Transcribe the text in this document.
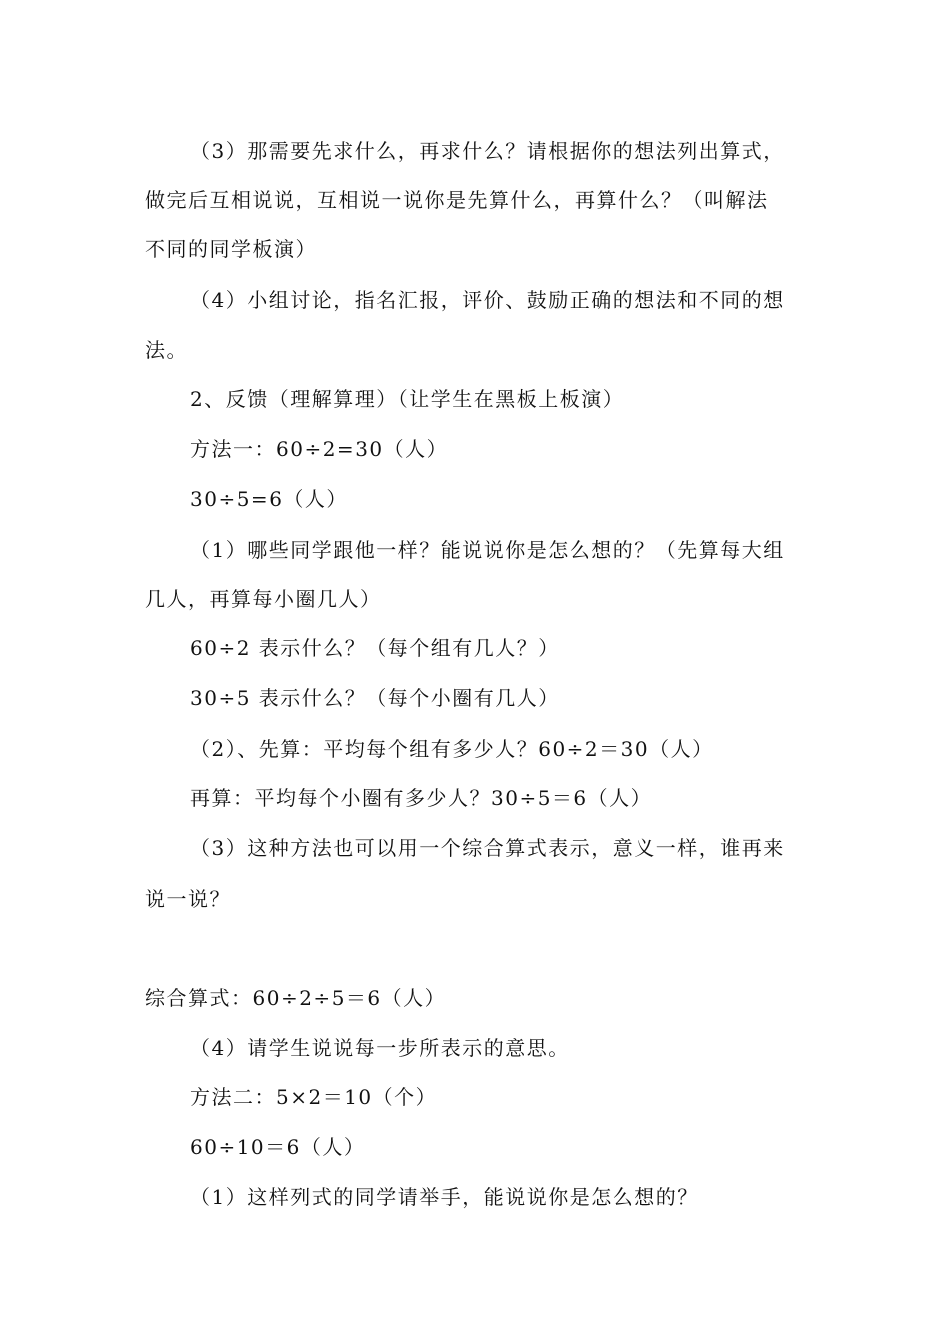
（3）那需要先求什么，再求什么？请根据你的想法列出算式，
做完后互相说说，互相说一说你是先算什么，再算什么？（叫解法
不同的同学板演）
（4）小组讨论，指名汇报，评价、鼓励正确的想法和不同的想
法。
2、反馈（理解算理）（让学生在黑板上板演）
方法一：60÷2=30（人）
30÷5=6（人）
（1）哪些同学跟他一样？能说说你是怎么想的？（先算每大组
几人，再算每小圈几人）
60÷2 表示什么？（每个组有几人？）
30÷5 表示什么？（每个小圈有几人）
（2）、先算：平均每个组有多少人？60÷2＝30（人）
再算：平均每个小圈有多少人？30÷5＝6（人）
（3）这种方法也可以用一个综合算式表示，意义一样，谁再来
说一说？
综合算式：60÷2÷5＝6（人）
（4）请学生说说每一步所表示的意思。
方法二：5×2＝10（个）
60÷10＝6（人）
（1）这样列式的同学请举手，能说说你是怎么想的？
